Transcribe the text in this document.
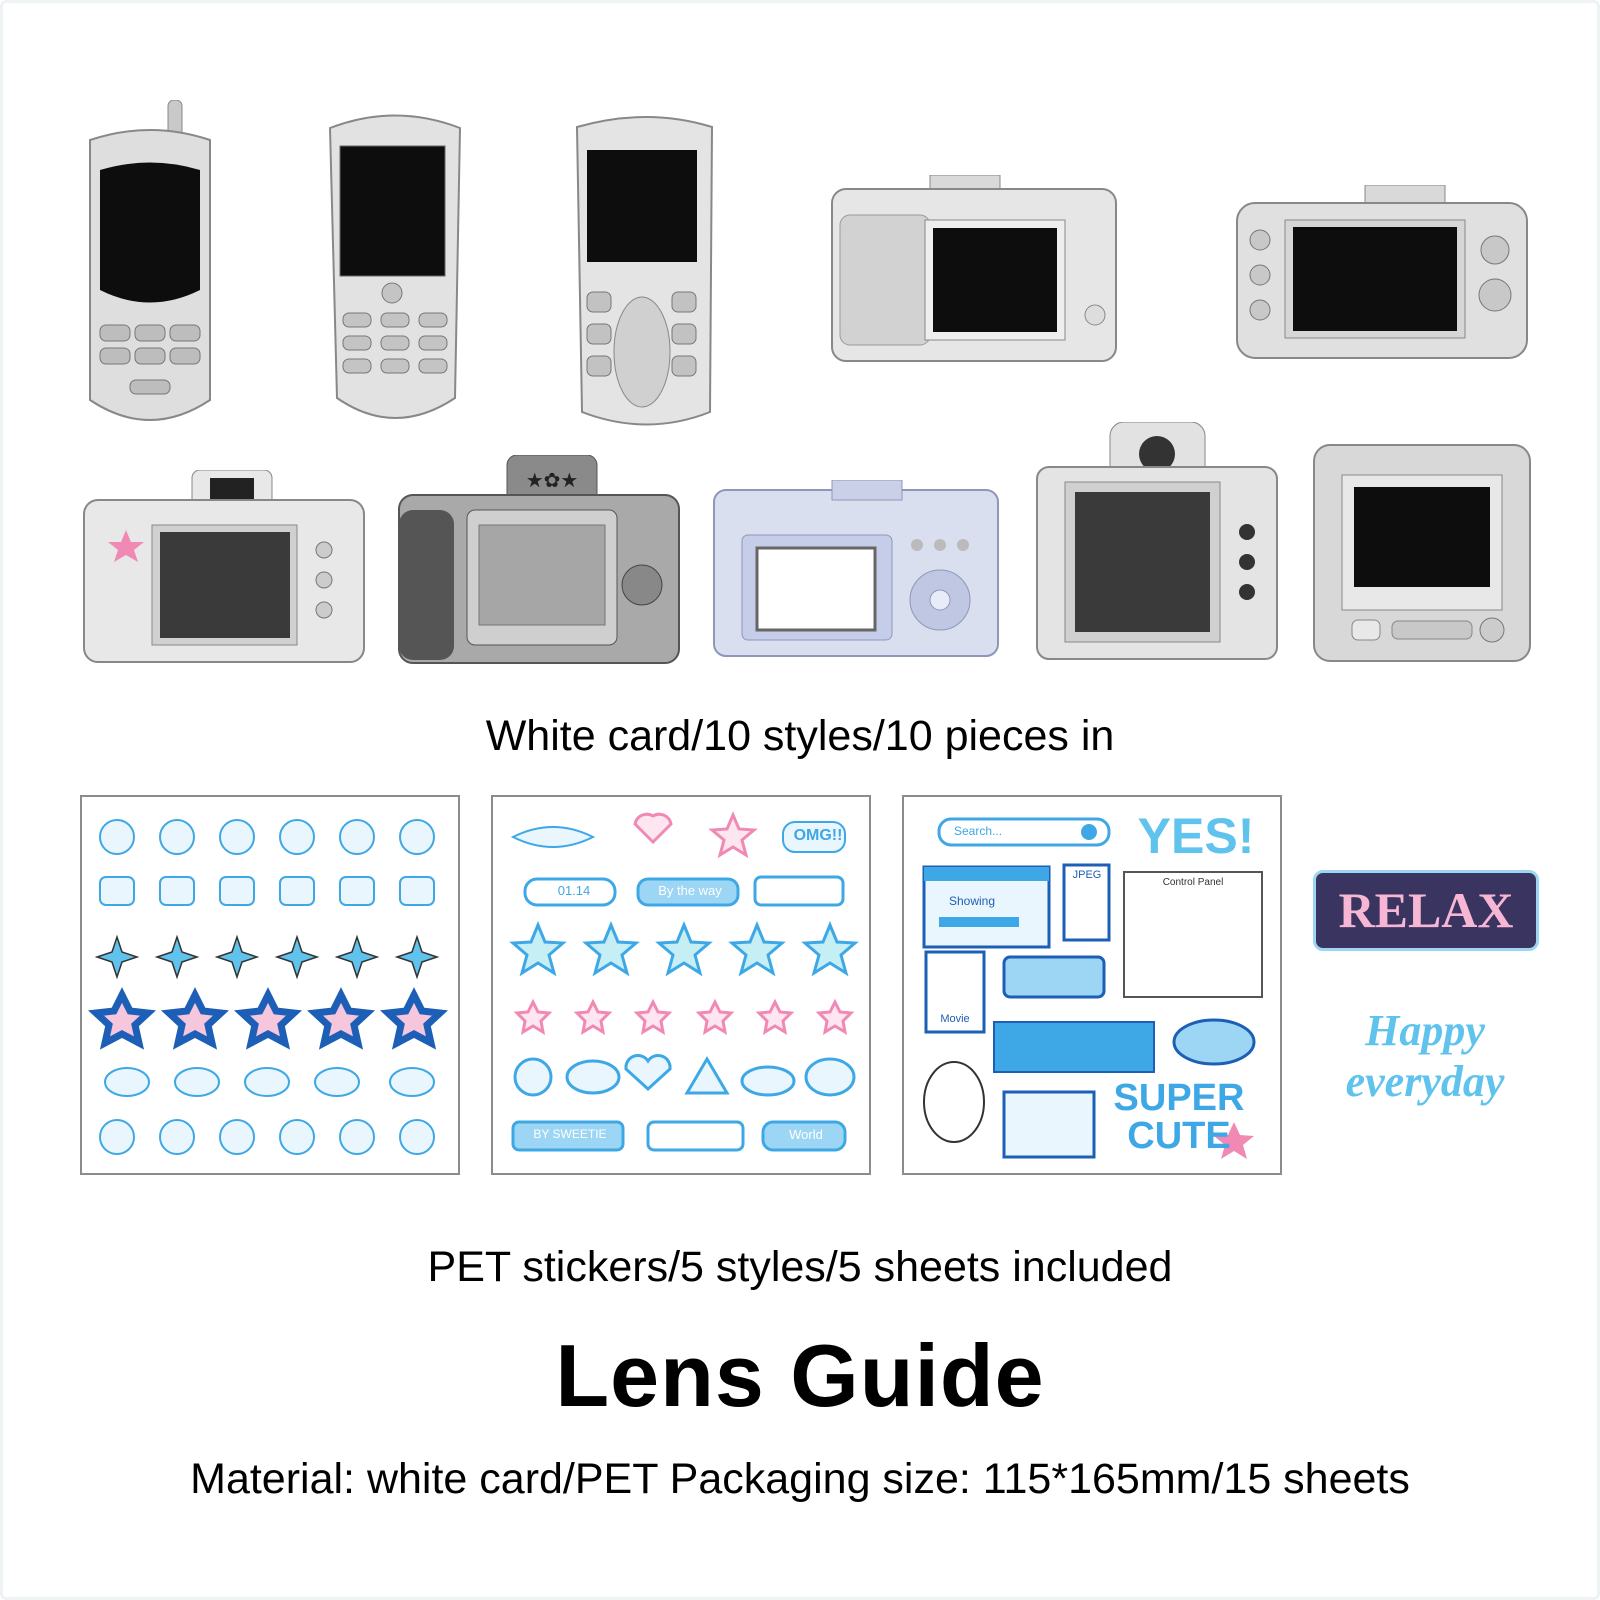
★✿★
White card/10 styles/10 pieces in
OMG!!
01.14	By the way
BY SWEETIE	World
Search...	YES!
Showing
JPEG
Control Panel
Movie
SUPER
CUTE
RELAX
Happy
everyday
PET stickers/5 styles/5 sheets included
Lens Guide
Material: white card/PET Packaging size: 115*165mm/15 sheets
